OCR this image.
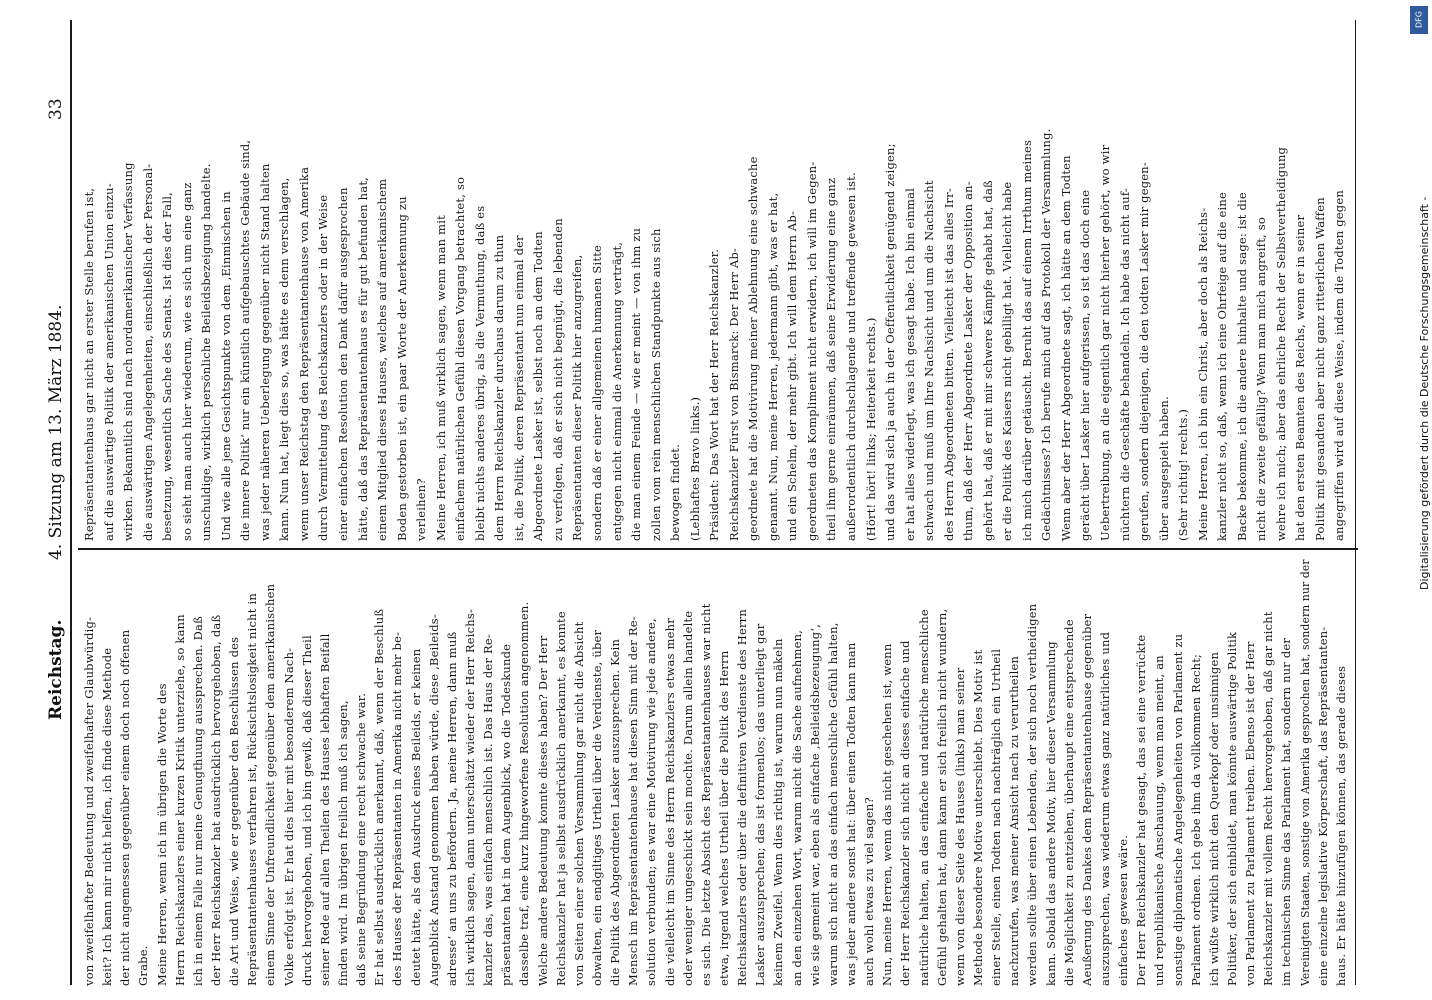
Reichstag.
4. Sitzung am 13. März 1884.
33
von zweifelhafter Bedeutung und zweifelhafter Glaubwürdig- keit? Ich kann mir nicht helfen, ich finde diese Methode der nicht angemessen gegenüber einem doch noch offenen Grabe. Meine Herren, wenn ich im übrigen die Worte des Herrn Reichskanzlers einer kurzen Kritik unterziehe, so kann ich in einem Falle nur meine Genugthuung aussprechen. Daß der Herr Reichskanzler hat ausdrücklich hervorgehoben, daß die Art und Weise, wie er gegenüber den Beschlüssen des Repräsentantenhauses verfahren ist, Rücksichtslosigkeit nicht in einem Sinne der Unfreundlichkeit gegenüber dem amerikanischen Volke erfolgt ist. Er hat dies hier mit besonderem Nach- druck hervorgehoben, und ich bin gewiß, daß dieser Theil seiner Rede auf allen Theilen des Hauses lebhaften Beifall finden wird. Im übrigen freilich muß ich sagen, daß seine Begründung eine recht schwache war. Er hat selbst ausdrücklich anerkannt, daß, wenn der Beschluß des Hauses der Repräsentanten in Amerika nicht mehr be- deutet hätte, als den Ausdruck eines Beileids, er keinen Augenblick Anstand genommen haben würde, diese ‚Beileids- adresse‘ an uns zu befördern. Ja, meine Herren, dann muß ich wirklich sagen, dann unterschätzt wieder der Herr Reichs- kanzler das, was einfach menschlich ist. Das Haus der Re- präsentanten hat in dem Augenblick, wo die Todeskunde dasselbe traf, eine kurz hingeworfene Resolution angenommen. Welche andere Bedeutung konnte dieses haben? Der Herr Reichskanzler hat ja selbst ausdrücklich anerkannt, es konnte von Seiten einer solchen Versammlung gar nicht die Absicht obwalten, ein endgiltiges Urtheil über die Verdienste, über die Politik des Abgeordneten Lasker auszusprechen. Kein Mensch im Repräsentantenhause hat diesen Sinn mit der Re- solution verbunden; es war eine Motivirung wie jede andere, die vielleicht im Sinne des Herrn Reichskanzlers etwas mehr oder weniger ungeschickt sein mochte. Darum allein handelte es sich. Die letzte Absicht des Repräsentantenhauses war nicht etwa, irgend welches Urtheil über die Politik des Herrn Reichskanzlers oder über die definitiven Verdienste des Herrn Lasker auszusprechen; das ist formenlos; das unterliegt gar keinem Zweifel. Wenn dies richtig ist, warum nun mäkeln an den einzelnen Wort, warum nicht die Sache aufnehmen, wie sie gemeint war, eben als einfache ‚Beileidsbezeugung‘, warum sich nicht an das einfach menschliche Gefühl halten, was jeder andere sonst hat: über einen Todten kann man auch wohl etwas zu viel sagen? Nun, meine Herren, wenn das nicht geschehen ist, wenn der Herr Reichskanzler sich nicht an dieses einfache und natürliche halten, an das einfache und natürliche menschliche Gefühl gehalten hat, dann kann er sich freilich nicht wundern, wenn von dieser Seite des Hauses (links) man seiner Methode besondere Motive unterschiebt. Dies Motiv ist einer Stelle, einen Todten nach nachträglich ein Urtheil nachzurufen, was meiner Ansicht nach zu verurtheilen werden sollte über einen Lebenden, der sich noch vertheidigen kann. Sobald das andere Motiv, hier dieser Versammlung die Möglichkeit zu entziehen, überhaupt eine entsprechende Aeußerung des Dankes dem Repräsentantenhause gegenüber auszusprechen, was wiederum etwas ganz natürliches und einfaches gewesen wäre. Der Herr Reichskanzler hat gesagt, das sei eine verrückte und republikanische Anschauung, wenn man meint, an sonstige diplomatische Angelegenheiten von Parlament zu Parlament ordnen. Ich gebe ihm da vollkommen Recht; ich wüßte wirklich nicht den Querkopf oder unsinnigen Politiker, der sich einbildet, man könnte auswärtige Politik von Parlament zu Parlament treiben. Ebenso ist der Herr Reichskanzler mit vollem Recht hervorgehoben, daß gar nicht im technischen Sinne das Parlament hat, sondern nur der Vereinigten Staaten, sonstige von Amerika gesprochen hat, sondern nur der eine einzelne legislative Körperschaft, das Repräsentanten- haus. Er hätte hinzufügen können, das gerade dieses
Repräsentantenhaus gar nicht an erster Stelle berufen ist, auf die auswärtige Politik der amerikanischen Union einzu- wirken. Bekanntlich sind nach nordamerikanischer Verfassung die auswärtigen Angelegenheiten, einschließlich der Personal- besetzung, wesentlich Sache des Senats. Ist dies der Fall, so sieht man auch hier wiederum, wie es sich um eine ganz unschuldige, wirklich persönliche Beileidsbezeigung handelte. Und wie alle jene Gesichtspunkte von dem ‚Einmischen in die innere Politik‘ nur ein künstlich aufgebauschtes Gebäude sind, was jeder näheren Ueberlegung gegenüber nicht Stand halten kann. Nun hat, liegt dies so, was hätte es denn verschlagen, wenn unser Reichstag den Repräsentantenhause von Amerika durch Vermittelung des Reichskanzlers oder in der Weise einer einfachen Resolution den Dank dafür ausgesprochen hätte, daß das Repräsentantenhaus es für gut befunden hat, einem Mitglied dieses Hauses, welches auf amerikanischem Boden gestorben ist, ein paar Worte der Anerkennung zu verleihen? Meine Herren, ich muß wirklich sagen, wenn man mit einfachem natürlichen Gefühl diesen Vorgang betrachtet, so bleibt nichts anderes übrig, als die Vermuthung, daß es dem Herrn Reichskanzler durchaus darum zu thun ist, die Politik, deren Repräsentant nun einmal der Abgeordnete Lasker ist, selbst noch an dem Todten zu verfolgen, daß er sich nicht begnügt, die lebenden Repräsentanten dieser Politik hier anzugreifen, sondern daß er einer allgemeinen humanen Sitte entgegen nicht einmal die Anerkennung verträgt, die man einem Feinde — wie er meint — von ihm zu zollen vom rein menschlichen Standpunkte aus sich bewogen findet. (Lebhaftes Bravo links.) Präsident: Das Wort hat der Herr Reichskanzler. Reichskanzler Fürst von Bismarck: Der Herr Ab- geordnete hat die Motivirung meiner Ablehnung eine schwache genannt. Nun, meine Herren, jedermann gibt, was er hat, und ein Schelm, der mehr gibt. Ich will dem Herrn Ab- geordneten das Kompliment nicht erwidern, ich will im Gegen- theil ihm gerne einräumen, daß seine Erwiderung eine ganz außerordentlich durchschlagende und treffende gewesen ist. (Hört! hört! links; Heiterkeit rechts.) und das wird sich ja auch in der Oeffentlichkeit genügend zeigen; er hat alles widerlegt, was ich gesagt habe. Ich bin einmal schwach und muß um Ihre Nachsicht und um die Nachsicht des Herrn Abgeordneten bitten. Vielleicht ist das alles Irr- thum, daß der Herr Abgeordnete Lasker der Opposition an- gehört hat, daß er mit mir schwere Kämpfe gehabt hat, daß er die Politik des Kaisers nicht gebilligt hat. Vielleicht habe ich mich darüber getäuscht. Beruht das auf einem Irrthum meines Gedächtnisses? Ich berufe mich auf das Protokoll der Versammlung. Wenn aber der Herr Abgeordnete sagt, ich hätte an dem Todten gerächt über Lasker hier aufgerissen, so ist das doch eine Uebertreibung, an die eigentlich gar nicht hierher gehört, wo wir nüchtern die Geschäfte behandeln. Ich habe das nicht auf- gerufen, sondern diejenigen, die den todten Lasker mir gegen- über ausgespielt haben. (Sehr richtig! rechts.) Meine Herren, ich bin ein Christ, aber doch als Reichs- kanzler nicht so, daß, wenn ich eine Ohrfeige auf die eine Backe bekomme, ich die andere hinhalte und sage: ist die nicht die zweite gefällig? Wenn man mich angreift, so wehre ich mich; aber das ehrliche Recht der Selbstvertheidigung hat den ersten Beamten des Reichs, wenn er in seiner Politik mit gesandten aber nicht ganz ritterlichen Waffen angegriffen wird auf diese Weise, indem die Todten gegen	Digitalisierung gefördert durch die Deutsche Forschungsgemeinschaft -
DFG
